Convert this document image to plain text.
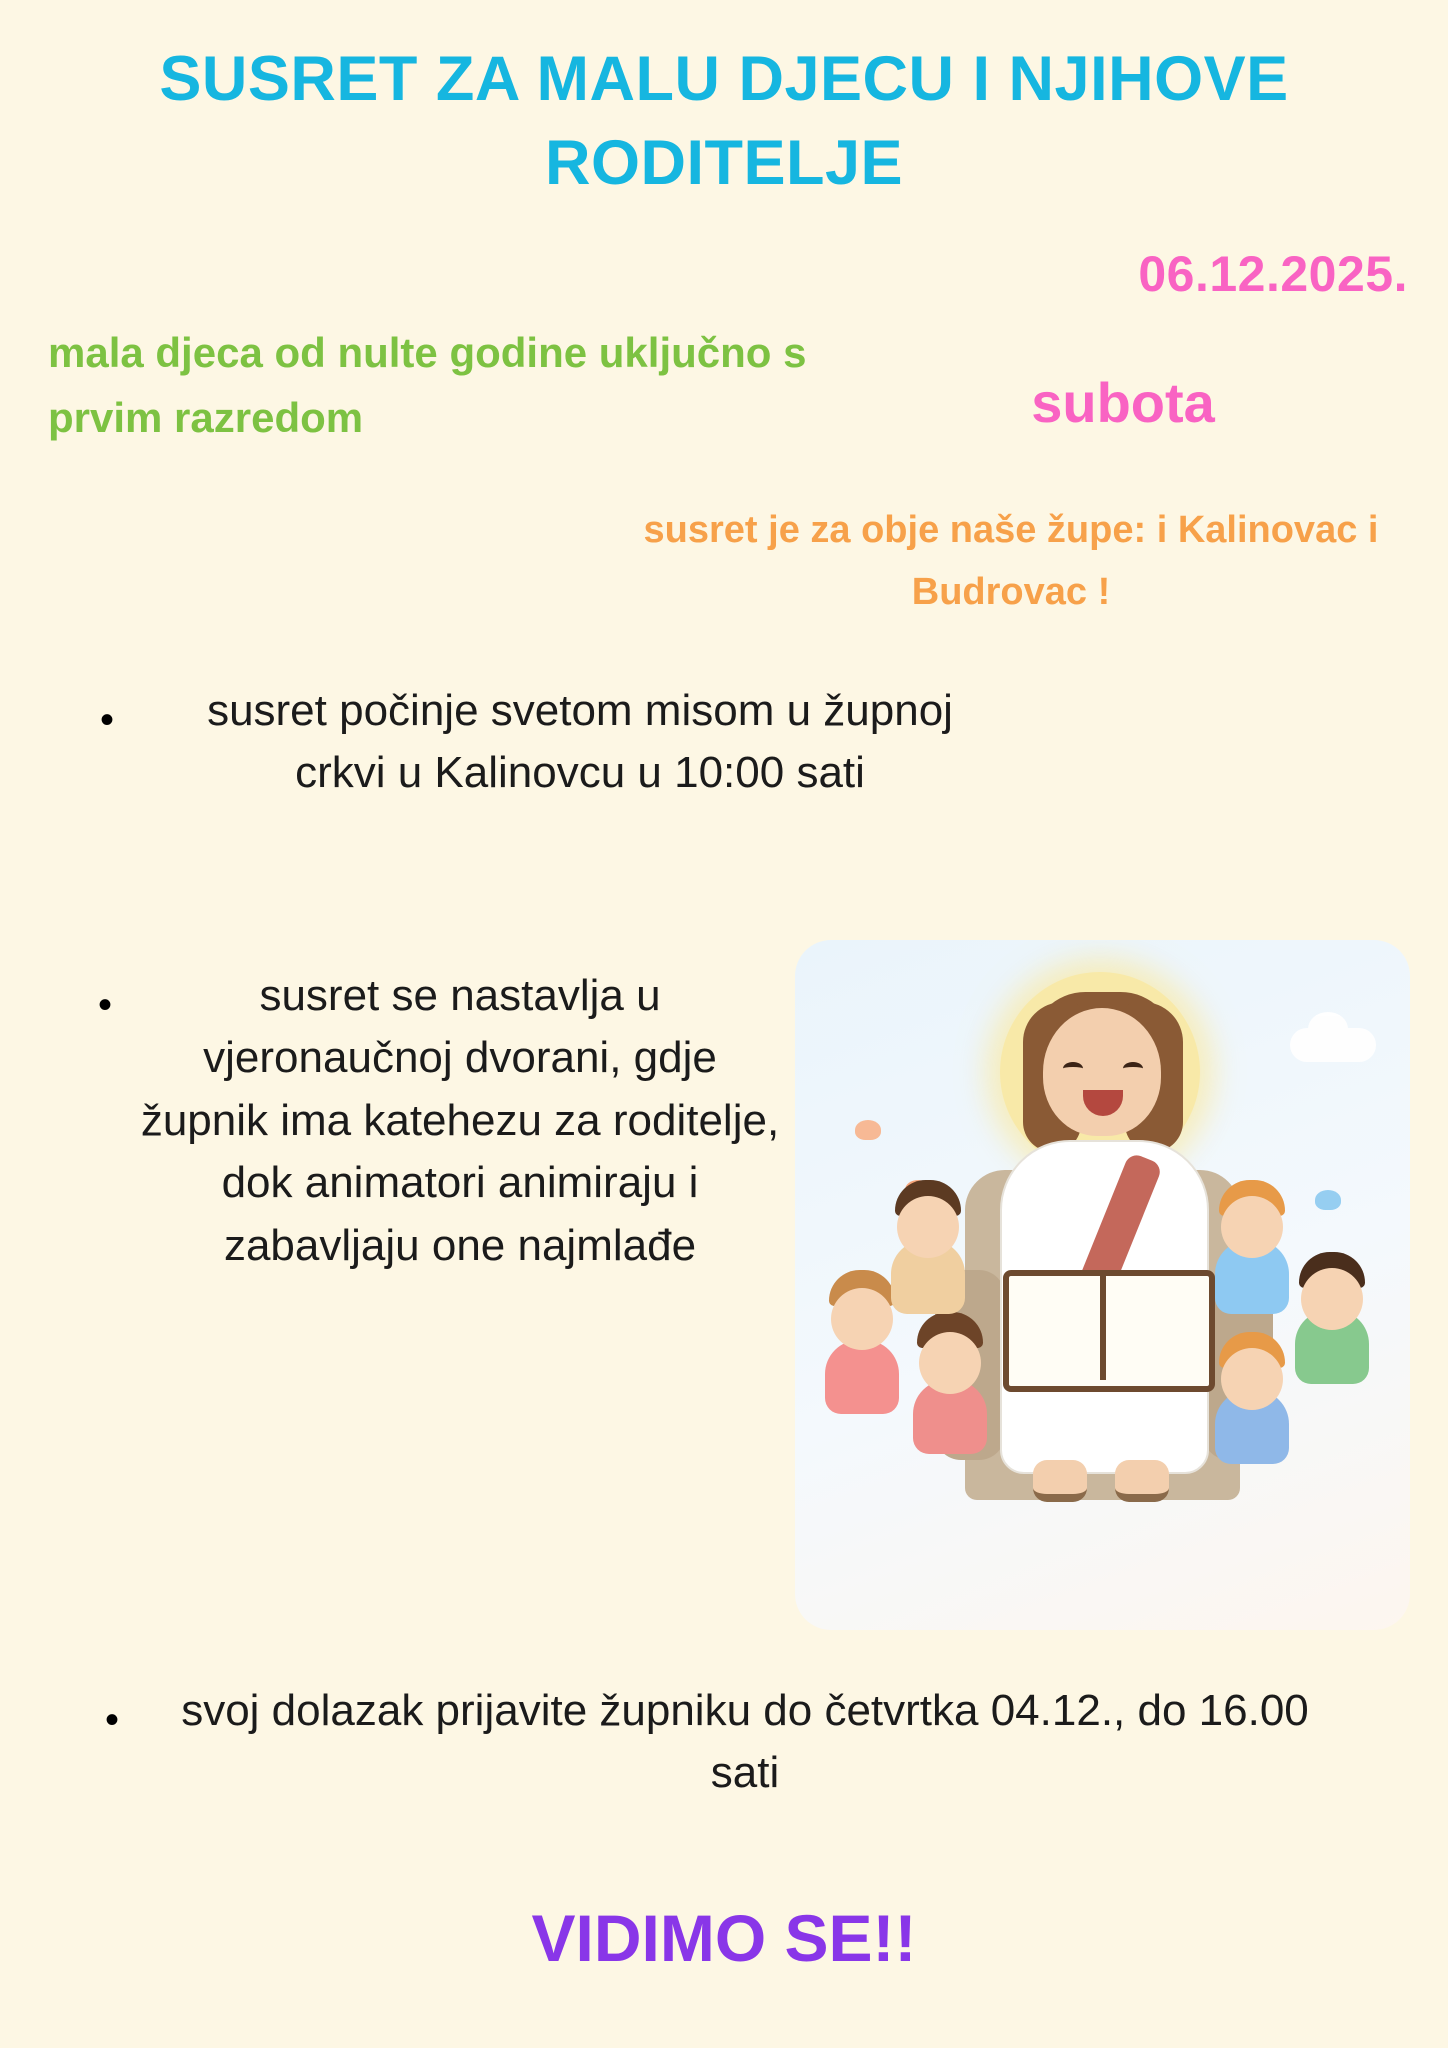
SUSRET ZA MALU DJECU I NJIHOVE RODITELJE
06.12.2025.
subota
mala djeca od nulte godine uključno s prvim razredom
susret je za obje naše župe: i Kalinovac i Budrovac !
•	susret počinje svetom misom u župnoj crkvi u Kalinovcu u 10:00 sati
•	susret se nastavlja u vjeronaučnoj dvorani, gdje župnik ima katehezu za roditelje, dok animatori animiraju i zabavljaju one najmlađe
• svoj dolazak prijavite župniku do četvrtka 04.12., do 16.00 sati
VIDIMO SE!!
